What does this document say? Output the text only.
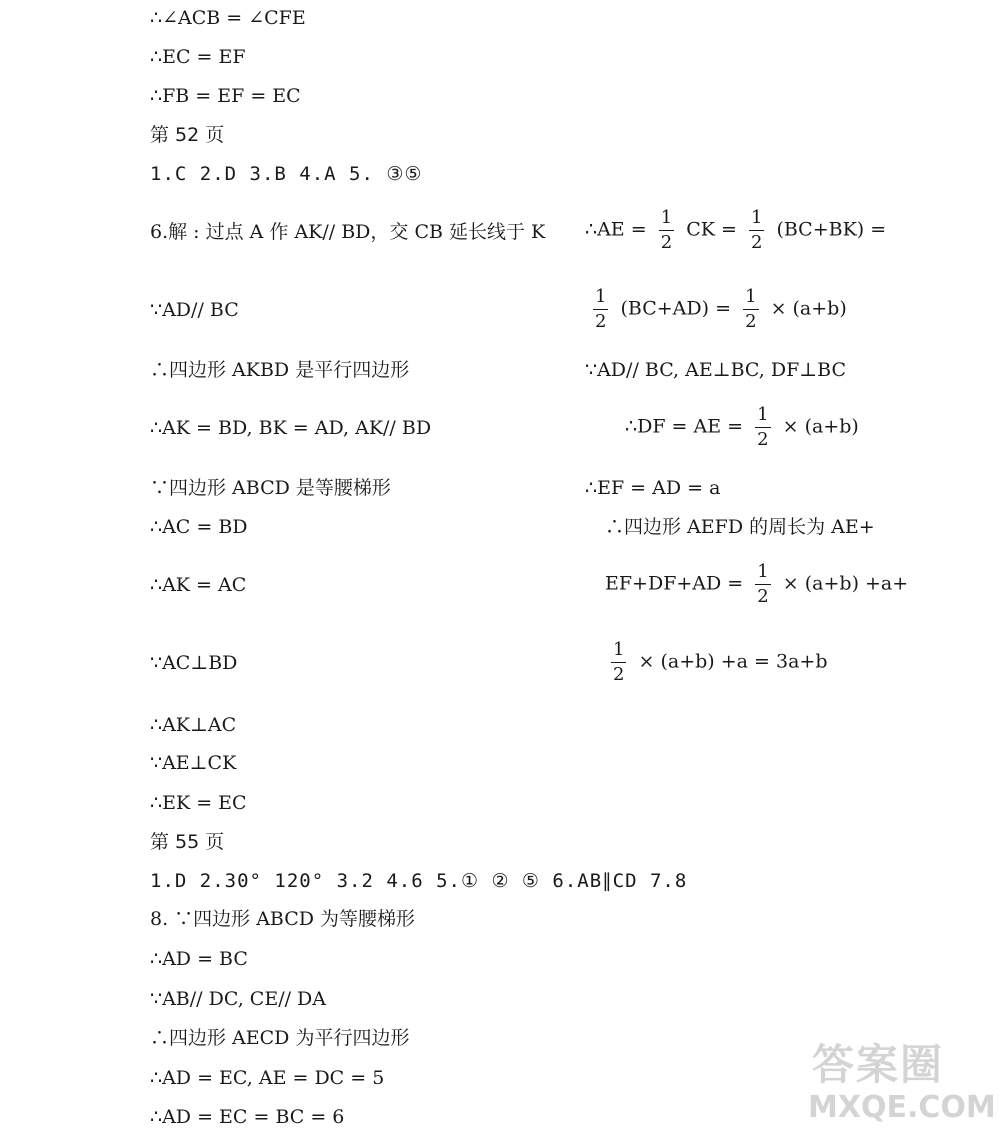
∴∠ACB = ∠CFE
∴EC = EF
∴FB = EF = EC
第 52 页
1.C 2.D 3.B 4.A 5. ③⑤
6.解 : 过点 A 作 AK// BD，交 CB 延长线于 K
∵AD// BC
∴四边形 AKBD 是平行四边形
∴AK = BD, BK = AD, AK// BD
∵四边形 ABCD 是等腰梯形
∴AC = BD
∴AK = AC
∵AC⊥BD
∴AK⊥AC
∵AE⊥CK
∴EK = EC
第 55 页
1.D 2.30° 120° 3.2 4.6 5.① ② ⑤ 6.AB∥CD 7.8
8. ∵四边形 ABCD 为等腰梯形
∴AD = BC
∵AB// DC, CE// DA
∴四边形 AECD 为平行四边形
∴AD = EC, AE = DC = 5
∴AD = EC = BC = 6
∴AE = $\frac{1}{2}$ CK = $\frac{1}{2} (BC+BK)$ =
$\frac{1}{2} (BC+AD) = \frac{1}{2} \times (a+b)$
∵AD// BC, AE⊥BC, DF⊥BC
∴DF = AE = $\frac{1}{2} \times (a+b)$
∴EF = AD = a
∴四边形 AEFD 的周长为 AE+
$EF+DF+AD = \frac{1}{2} \times (a+b) +a+$
$\frac{1}{2} \times (a+b) +a = 3a+b$
答案圈
MXQE.COM
